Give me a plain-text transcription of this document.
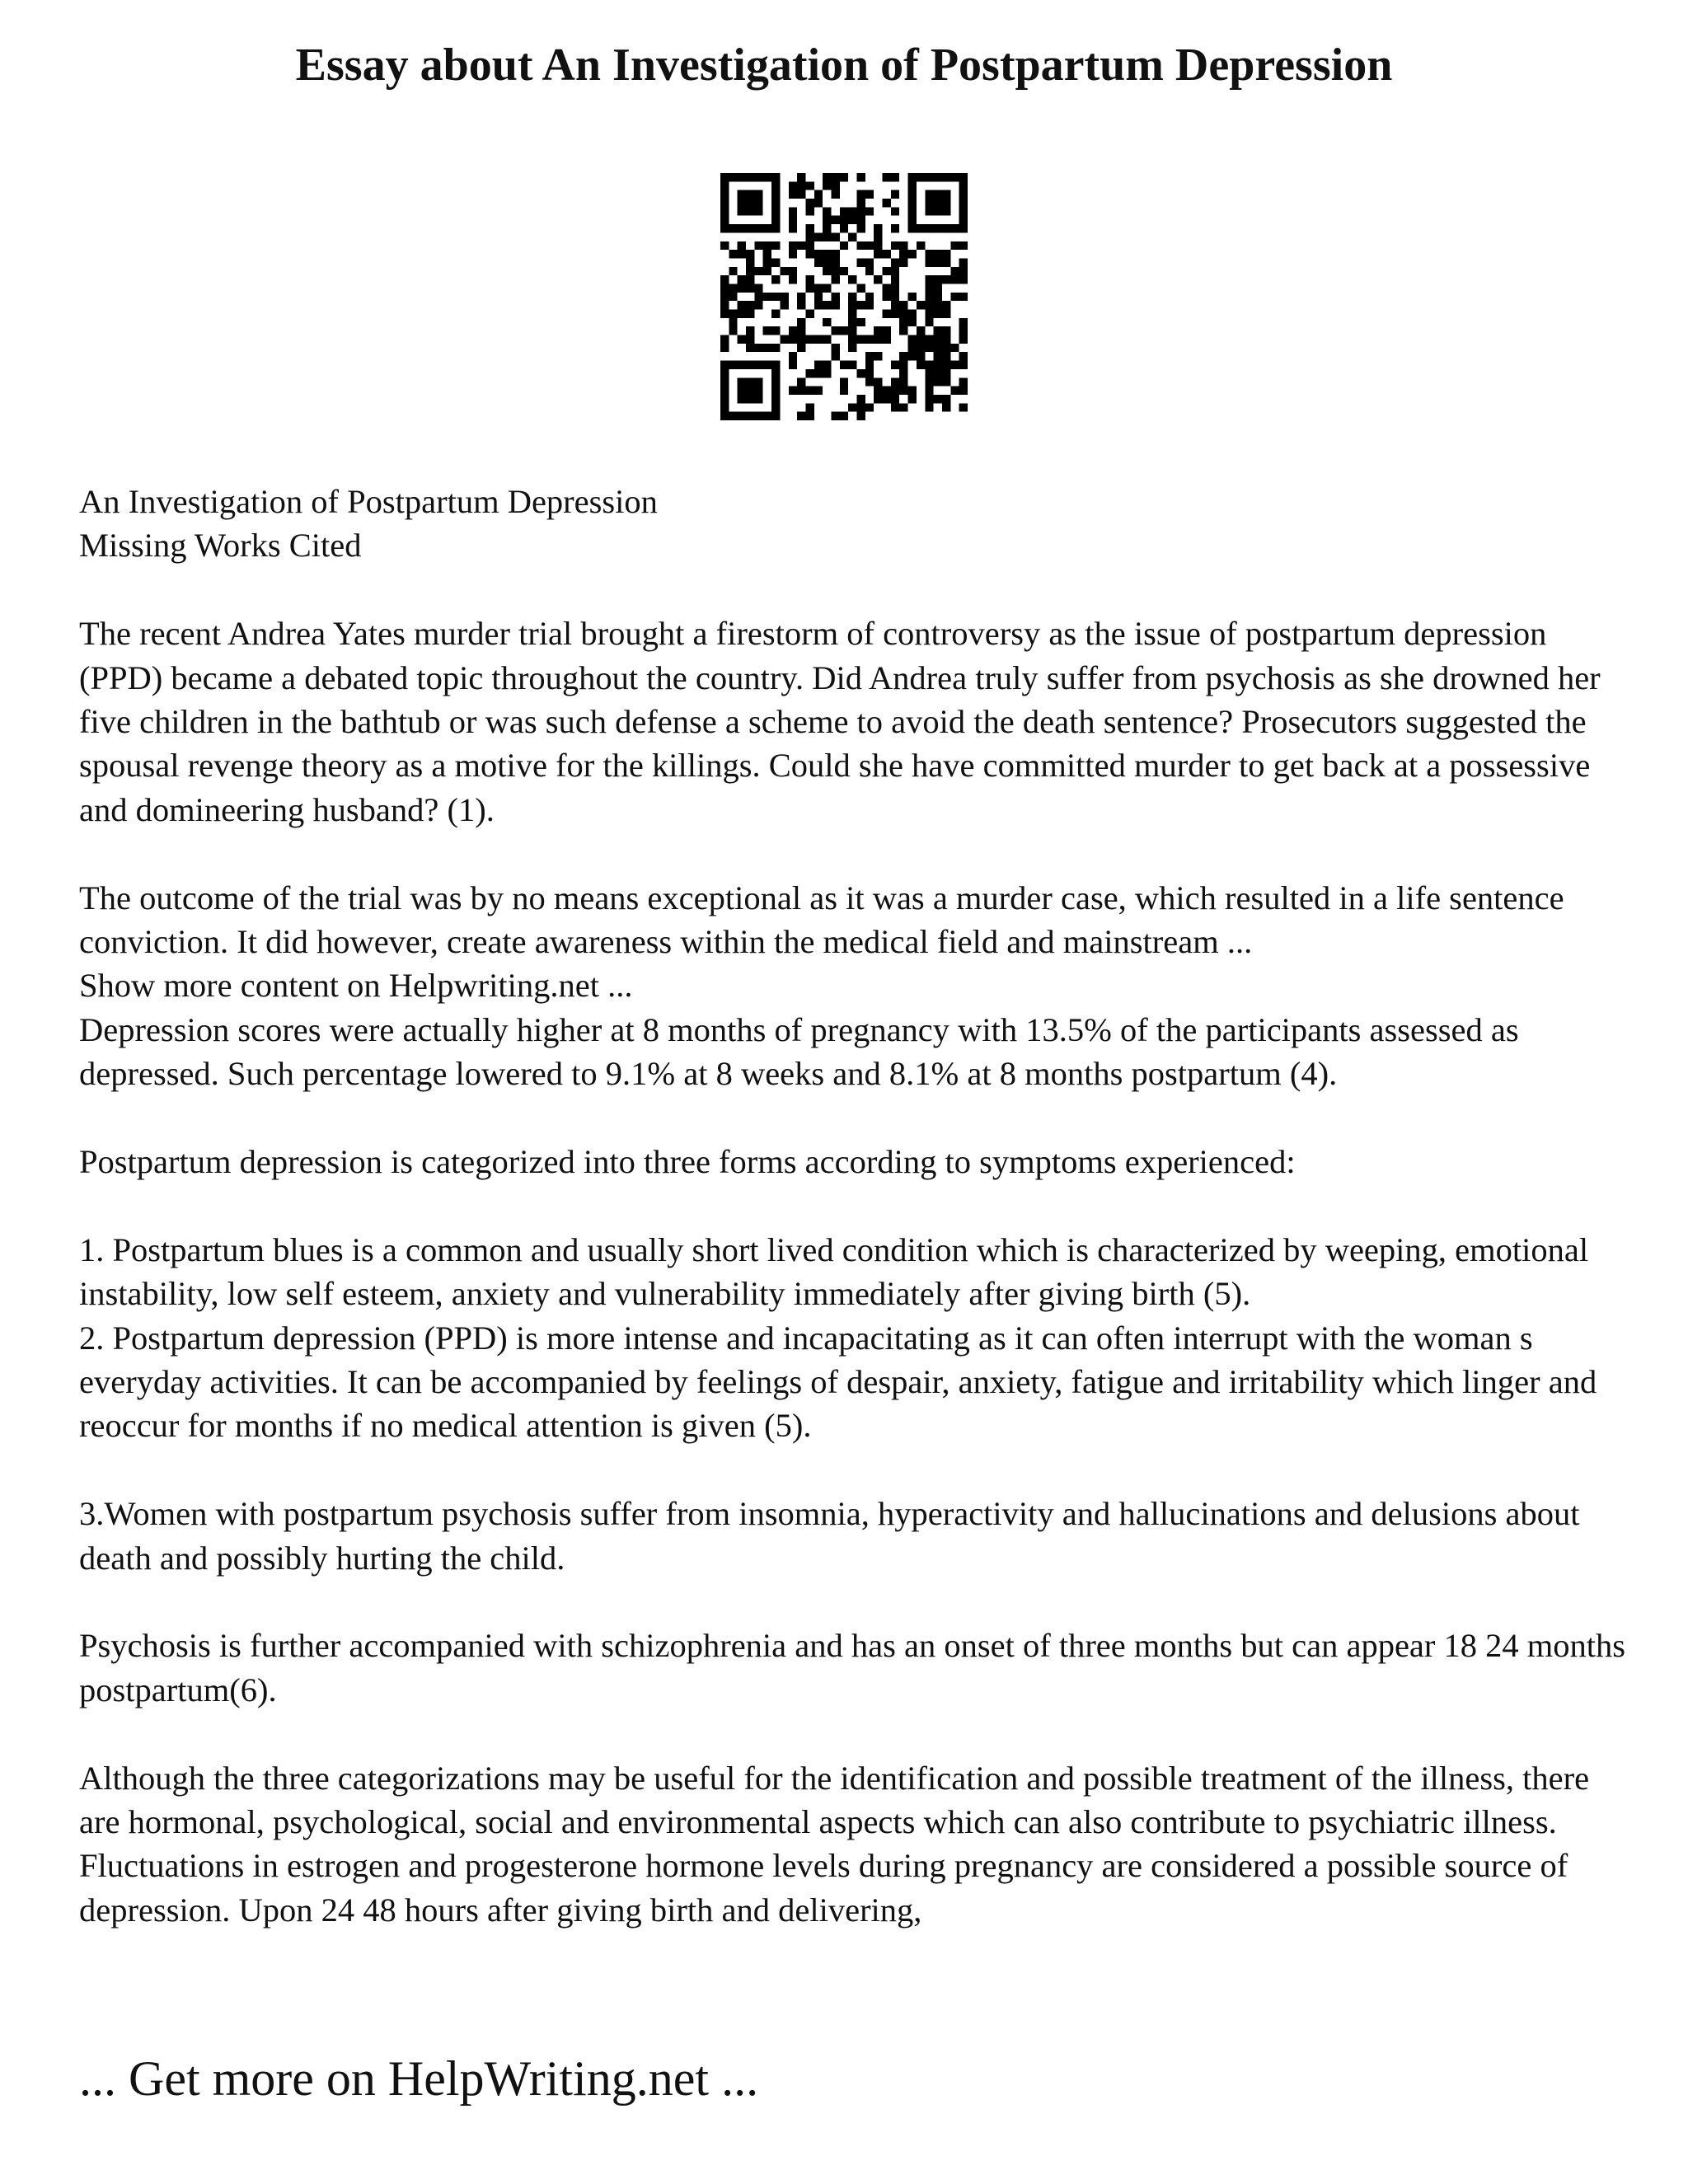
Essay about An Investigation of Postpartum Depression

An Investigation of Postpartum Depression

Missing Works Cited

The recent Andrea Yates murder trial brought a firestorm of controversy as the issue of postpartum depression (PPD) became a debated topic throughout the country. Did Andrea truly suffer from psychosis as she drowned her five children in the bathtub or was such defense a scheme to avoid the death sentence? Prosecutors suggested the spousal revenge theory as a motive for the killings. Could she have committed murder to get back at a possessive and domineering husband? (1).

The outcome of the trial was by no means exceptional as it was a murder case, which resulted in a life sentence conviction. It did however, create awareness within the medical field and mainstream ...

Show more content on Helpwriting.net ...

Depression scores were actually higher at 8 months of pregnancy with 13.5% of the participants assessed as depressed. Such percentage lowered to 9.1% at 8 weeks and 8.1% at 8 months postpartum (4).

Postpartum depression is categorized into three forms according to symptoms experienced:

1. Postpartum blues is a common and usually short lived condition which is characterized by weeping, emotional instability, low self esteem, anxiety and vulnerability immediately after giving birth (5).

2. Postpartum depression (PPD) is more intense and incapacitating as it can often interrupt with the woman s everyday activities. It can be accompanied by feelings of despair, anxiety, fatigue and irritability which linger and reoccur for months if no medical attention is given (5).

3.Women with postpartum psychosis suffer from insomnia, hyperactivity and hallucinations and delusions about death and possibly hurting the child.

Psychosis is further accompanied with schizophrenia and has an onset of three months but can appear 18 24 months postpartum(6).

Although the three categorizations may be useful for the identification and possible treatment of the illness, there are hormonal, psychological, social and environmental aspects which can also contribute to psychiatric illness.

Fluctuations in estrogen and progesterone hormone levels during pregnancy are considered a possible source of depression. Upon 24 48 hours after giving birth and delivering,

... Get more on HelpWriting.net ...
